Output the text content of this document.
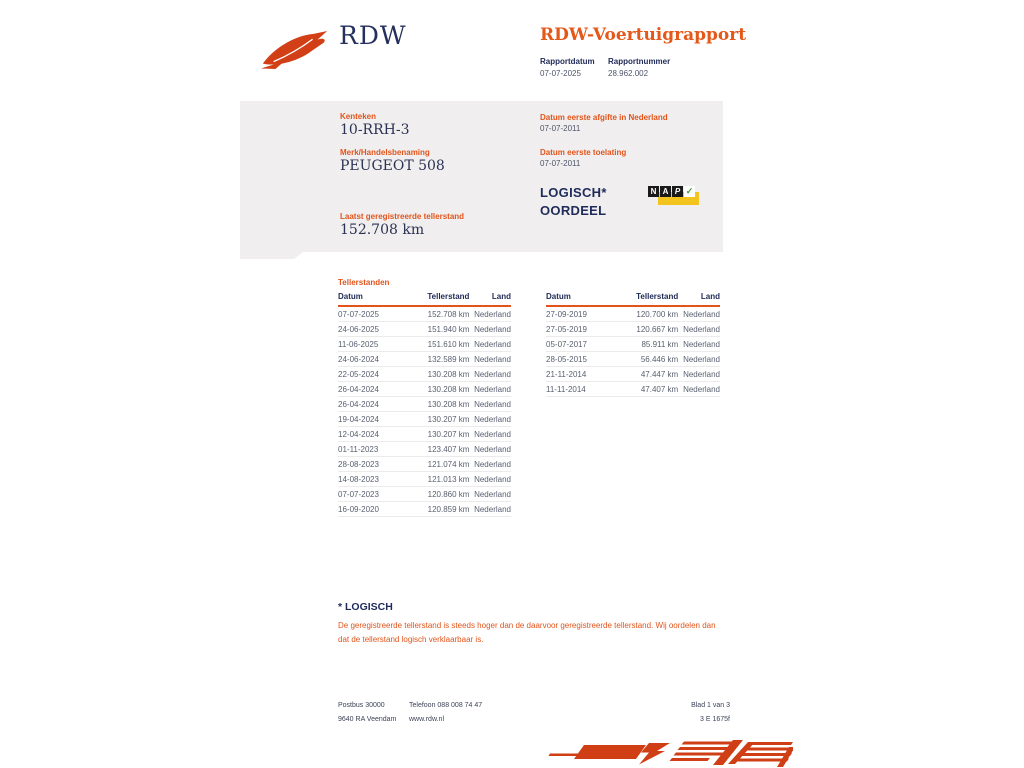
RDW	RDW-Voertuigrapport
Rapportdatum Rapportnummer
07-07-2025	28.962.002
Kenteken
10-RRH-3
Merk/Handelsbenaming
PEUGEOT 508
Laatst geregistreerde tellerstand
152.708 km
Datum eerste afgifte in Nederland
07-07-2011
Datum eerste toelating
07-07-2011
LOGISCH*
OORDEEL
N A P ✓
Tellerstanden
Datum	Tellerstand	Land
07-07-2025	152.708 km	Nederland
24-06-2025	151.940 km	Nederland
11-06-2025	151.610 km	Nederland
24-06-2024	132.589 km	Nederland
22-05-2024	130.208 km	Nederland
26-04-2024	130.208 km	Nederland
26-04-2024	130.208 km	Nederland
19-04-2024	130.207 km	Nederland
12-04-2024	130.207 km	Nederland
01-11-2023	123.407 km	Nederland
28-08-2023	121.074 km	Nederland
14-08-2023	121.013 km	Nederland
07-07-2023	120.860 km	Nederland
16-09-2020	120.859 km	Nederland
Datum	Tellerstand	Land
27-09-2019	120.700 km	Nederland
27-05-2019	120.667 km	Nederland
05-07-2017	85.911 km	Nederland
28-05-2015	56.446 km	Nederland
21-11-2014	47.447 km	Nederland
11-11-2014	47.407 km	Nederland
* LOGISCH
De geregistreerde tellerstand is steeds hoger dan de daarvoor geregistreerde tellerstand. Wij oordelen dan
dat de tellerstand logisch verklaarbaar is.
Postbus 30000
9640 RA Veendam
Telefoon 088 008 74 47
www.rdw.nl
Blad 1 van 3
3 E 1675f
